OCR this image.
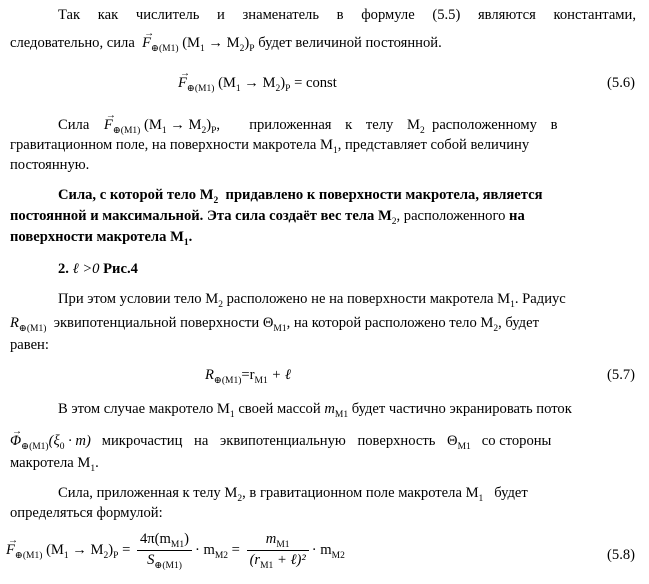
Так как числитель и знаменатель в формуле (5.5) являются константами,
следовательно, сила → $F_{\oplus(M1)}$ $(M_1 \to M_2)_P$ будет величиной постоянной.
→ $F_{\oplus(M1)}$ $(M_1 \to M_2)_P$ = const	(5.6)
Сила → $F_{\oplus(M1)}$ $(M_1 \to M_2)_P$,        приложенная к телу $M_2$ расположенному в
гравитационном поле, на поверхности макротела $M_1$, представляет собой величину
постоянную.
Сила, с которой тело $M_2$ придавлено к поверхности макротела, является
постоянной и максимальной. Эта сила создаёт вес тела $M_2$, расположенного на
поверхности макротела $M_1$.
2. ℓ >0 Рис.4
При этом условии тело $M_2$ расположено не на поверхности макротела $M_1$. Радиус
$R_{\oplus(M1)}$ эквипотенциальной поверхности $\Theta_{M1}$, на которой расположено тело $M_2$, будет
равен:
$R_{\oplus(M1)}=r_{M1}$ + ℓ	(5.7)
В этом случае макротело $M_1$ своей массой $m_{M1}$ будет частично экранировать поток
→ $\Phi_{\oplus(M1)}(\xi_0 \cdot m)$ микрочастиц на эквипотенциальную поверхность $\Theta_{M1}$ со стороны
макротела $M_1$.
Сила, приложенная к телу $M_2$, в гравитационном поле макротела $M_1$ будет
определяться формулой:
→ $F_{\oplus(M1)}$ $(M_1 \to M_2)_P = \frac{4\pi(m_{M1})}{S_{\oplus(M1)}} \cdot m_{M2} = \frac{m_{M1}}{(r_{M1} + \ell)^2} \cdot m_{M2}$	(5.8)
